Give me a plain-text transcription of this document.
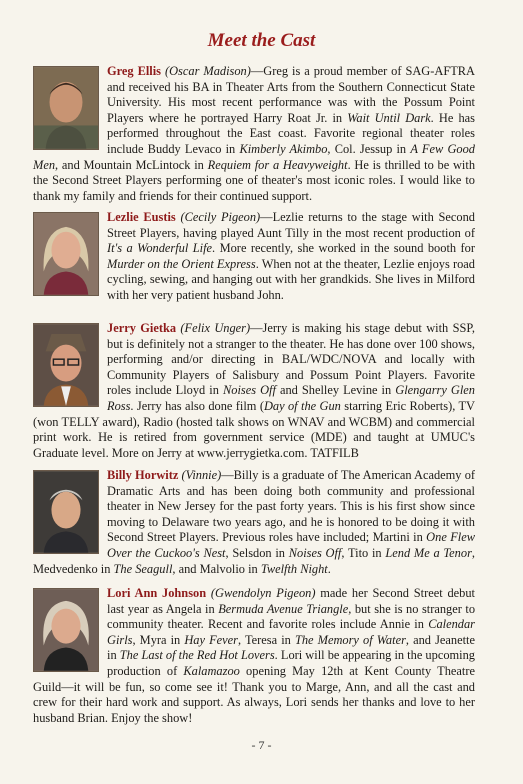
Meet the Cast
Greg Ellis (Oscar Madison)—Greg is a proud member of SAG-AFTRA and received his BA in Theater Arts from the Southern Connecticut State University. His most recent performance was with the Possum Point Players where he portrayed Harry Roat Jr. in Wait Until Dark. He has performed throughout the East coast. Favorite regional theater roles include Buddy Levaco in Kimberly Akimbo, Col. Jessup in A Few Good Men, and Mountain McLintock in Requiem for a Heavyweight. He is thrilled to be with the Second Street Players performing one of theater's most iconic roles. I would like to thank my family and friends for their continued support.
Lezlie Eustis (Cecily Pigeon)—Lezlie returns to the stage with Second Street Players, having played Aunt Tilly in the most recent production of It's a Wonderful Life. More recently, she worked in the sound booth for Murder on the Orient Express. When not at the theater, Lezlie enjoys road cycling, sewing, and hanging out with her grandkids. She lives in Milford with her very patient husband John.
Jerry Gietka (Felix Unger)—Jerry is making his stage debut with SSP, but is definitely not a stranger to the theater. He has done over 100 shows, performing and/or directing in BAL/WDC/NOVA and locally with Community Players of Salisbury and Possum Point Players. Favorite roles include Lloyd in Noises Off and Shelley Levine in Glengarry Glen Ross. Jerry has also done film (Day of the Gun starring Eric Roberts), TV (won TELLY award), Radio (hosted talk shows on WNAV and WCBM) and commercial print work. He is retired from government service (MDE) and taught at UMUC's Graduate level. More on Jerry at www.jerrygietka.com. TATFILB
Billy Horwitz (Vinnie)—Billy is a graduate of The American Academy of Dramatic Arts and has been doing both community and professional theater in New Jersey for the past forty years. This is his first show since moving to Delaware two years ago, and he is honored to be doing it with Second Street Players. Previous roles have included; Martini in One Flew Over the Cuckoo's Nest, Selsdon in Noises Off, Tito in Lend Me a Tenor, Medvedenko in The Seagull, and Malvolio in Twelfth Night.
Lori Ann Johnson (Gwendolyn Pigeon) made her Second Street debut last year as Angela in Bermuda Avenue Triangle, but she is no stranger to community theater. Recent and favorite roles include Annie in Calendar Girls, Myra in Hay Fever, Teresa in The Memory of Water, and Jeanette in The Last of the Red Hot Lovers. Lori will be appearing in the upcoming production of Kalamazoo opening May 12th at Kent County Theatre Guild—it will be fun, so come see it! Thank you to Marge, Ann, and all the cast and crew for their hard work and support. As always, Lori sends her thanks and love to her husband Brian. Enjoy the show!
- 7 -
